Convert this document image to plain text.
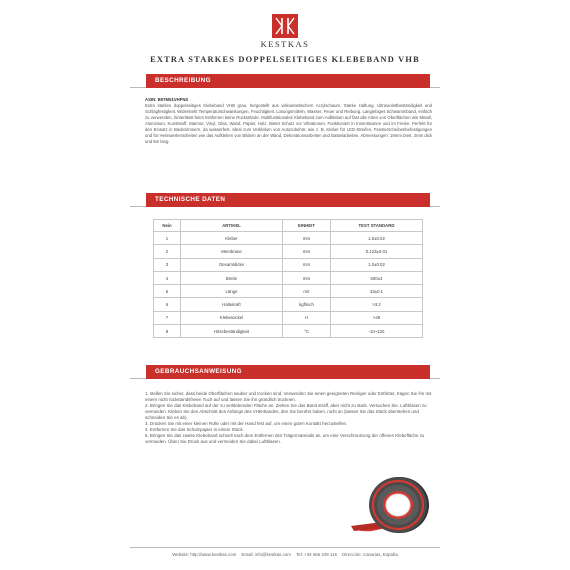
KESTKAS
EXTRA STARKES DOPPELSEITIGES KLEBEBAND VHB
BESCHREIBUNG
ASIN: B07M51VHFNS
Extra starkes doppelseitiges Klebeband VHB grau, hergestellt aus viskoelastischem Acrylschaum. Starke Haftung, Ultraviolettbeständigkeit und Schlagfestigkeit. Widersteht Temperaturschwankungen, Feuchtigkeit, Lösungsmitteln, Wasser, Feuer und Reibung. Langlebiges Schwammband, einfach zu verwenden, hinterlässt beim Entfernen keine Rückstände. Multifunktionales Klebeband zum Aufkleben auf fast alle Arten von Oberflächen wie Metall, Aluminium, Kunststoff, Marmor, Vinyl, Glas, Wand, Papier, Holz. Bietet Schutz vor Vibrationen. Funktioniert in Innenräumen und im Freien. Perfekt für den Einsatz in Badezimmern, da wasserfest. Ideal zum Verkleben von Autozubehör, wie z. B. Kleber für LED-Streifen, Fensterscheibenbefestigungen und für Heimwerkerarbeiten wie das Aufkleben von Bildern an der Wand, Dekorationsarbeiten und Bastelarbeiten. Abmessungen: 19mm breit, 2mm dick und 5m lang.
TECHNISCHE DATEN
Nein	ARTIKEL	EINHEIT	TEST STANDARD
1	Kleber	mm	1.0±0.02
2	Membrane	mm	0.123±0.01
3	Gesamtdicke	mm	1.0±0.02
4	Breite	mm	600±4
5	Länge	m/r	33±0.1
6	Haltekraft	kgf/inch	>3.2
7	Klebesockel	H	>48
8	Hitzebeständigkeit	°C	-10~120
GEBRAUCHSANWEISUNG

1. stellen Sie sicher, dass beide Oberflächen sauber und trocken sind. Verwenden Sie einen geeigneten Reiniger oder Entfetter, tragen Sie ihn mit einem nicht rückstandsfreien Tuch auf und lassen Sie ihn gründlich trocknen.

2. Bringen Sie das Klebeband auf der zu verklebenden Fläche an. Ziehen Sie das Band straff, aber nicht zu stark. Versuchen Sie, Luftblasen zu vermeiden. Kleben Sie den Abschnitt des Anfangs des VHB-Bandes, den Sie berührt haben, nicht an (lassen Sie das Stück überstehen und schneiden Sie es ab).

3. Drücken Sie mit einer kleinen Rolle oder mit der Hand fest auf, um einen guten Kontakt herzustellen.

4. Entfernen Sie das Schutzpapier in einem Stück.

5. Bringen Sie das zweite Klebeband schnell nach dem Entfernen des Trägermaterials an, um eine Verschmutzung der offenen Klebefläche zu vermeiden. Üben Sie Druck aus und vermeiden Sie dabei Luftblasen.

Website: http://www.kestkas.com Email: info@kestkas.com Tel: +34 666 229 115 Dirección: Canarias, España
